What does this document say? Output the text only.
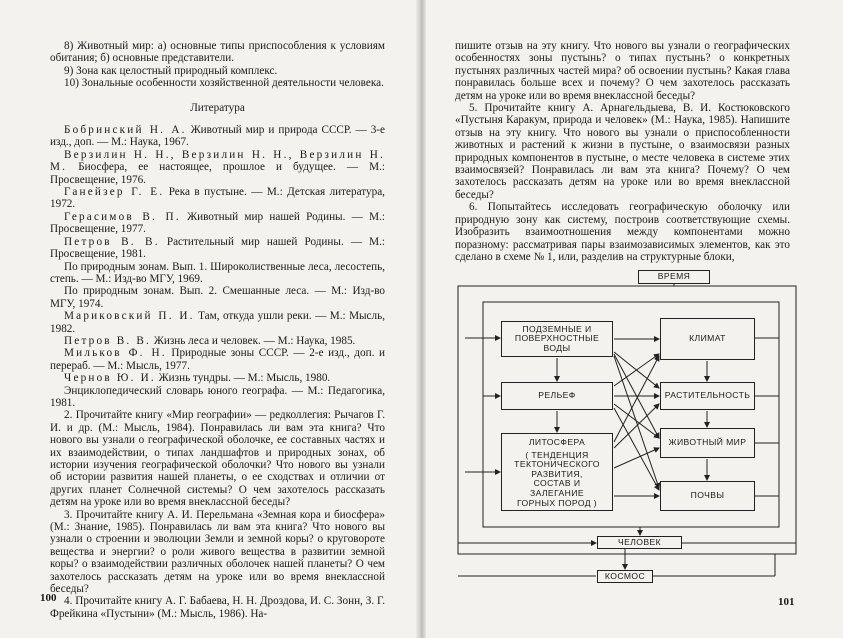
8) Животный мир: а) основные типы приспособления к условиям обитания; б) основные представители.

9) Зона как целостный природный комплекс.

10) Зональные особенности хозяйственной деятельности человека.

Литература

Бобринский Н. А. Животный мир и природа СССР. — 3-е изд., доп. — М.: Наука, 1967.

Верзилин Н. Н., Верзилин Н. Н., Верзилин Н. М. Биосфера, ее настоящее, прошлое и будущее. — М.: Просвещение, 1976.

Ганейзер Г. Е. Река в пустыне. — М.: Детская литература, 1972.

Герасимов В. П. Животный мир нашей Родины. — М.: Просвещение, 1977.

Петров В. В. Растительный мир нашей Родины. — М.: Просвещение, 1981.

По природным зонам. Вып. 1. Широколиственные леса, лесостепь, степь. — М.: Изд-во МГУ, 1969.

По природным зонам. Вып. 2. Смешанные леса. — М.: Изд-во МГУ, 1974.

Мариковский П. И. Там, откуда ушли реки. — М.: Мысль, 1982.

Петров В. В. Жизнь леса и человек. — М.: Наука, 1985.

Мильков Ф. Н. Природные зоны СССР. — 2-е изд., доп. и перераб. — М.: Мысль, 1977.

Чернов Ю. И. Жизнь тундры. — М.: Мысль, 1980.

Энциклопедический словарь юного географа. — М.: Педагогика, 1981.

2. Прочитайте книгу «Мир географии» — редколлегия: Рычагов Г. И. и др. (М.: Мысль, 1984). Понравилась ли вам эта книга? Что нового вы узнали о географической оболочке, ее составных частях и их взаимодействии, о типах ландшафтов и природных зонах, об истории изучения географической оболочки? Что нового вы узнали об истории развития нашей планеты, о ее сходствах и отличии от других планет Солнечной системы? О чем захотелось рассказать детям на уроке или во время внеклассной беседы?

3. Прочитайте книгу А. И. Перельмана «Земная кора и биосфера» (М.: Знание, 1985). Понравилась ли вам эта книга? Что нового вы узнали о строении и эволюции Земли и земной коры? о круговороте вещества и энергии? о роли живого вещества в развитии земной коры? о взаимодействии различных оболочек нашей планеты? О чем захотелось рассказать детям на уроке или во время внеклассной беседы?

4. Прочитайте книгу А. Г. Бабаева, Н. Н. Дроздова, И. С. Зонн, З. Г. Фрейкина «Пустыни» (М.: Мысль, 1986). На-

100

пишите отзыв на эту книгу. Что нового вы узнали о географических особенностях зоны пустынь? о типах пустынь? о конкретных пустынях различных частей мира? об освоении пустынь? Какая глава понравилась больше всех и почему? О чем захотелось рассказать детям на уроке или во время внеклассной беседы?

5. Прочитайте книгу А. Арнагельдыева, В. И. Костюковского «Пустыня Каракум, природа и человек» (М.: Наука, 1985). Напишите отзыв на эту книгу. Что нового вы узнали о приспособленности животных и растений к жизни в пустыне, о взаимосвязи разных природных компонентов в пустыне, о месте человека в системе этих взаимосвязей? Понравилась ли вам эта книга? Почему? О чем захотелось рассказать детям на уроке или во время внеклассной беседы?

6. Попытайтесь исследовать географическую оболочку или природную зону как систему, построив соответствующие схемы. Изобразить взаимоотношения между компонентами можно поразному: рассматривая пары взаимозависимых элементов, как это сделано в схеме № 1, или, разделив на структурные блоки,

ВРЕМЯ
ПОДЗЕМНЫЕ И
ПОВЕРХНОСТНЫЕ
ВОДЫ
КЛИМАТ
РЕЛЬЕФ	РАСТИТЕЛЬНОСТЬ
ЛИТОСФЕРА
( ТЕНДЕНЦИЯ
ТЕКТОНИЧЕСКОГО
РАЗВИТИЯ,
СОСТАВ И
ЗАЛЕГАНИЕ
ГОРНЫХ ПОРОД )
ЖИВОТНЫЙ МИР
ПОЧВЫ
ЧЕЛОВЕК
КОСМОС
101
